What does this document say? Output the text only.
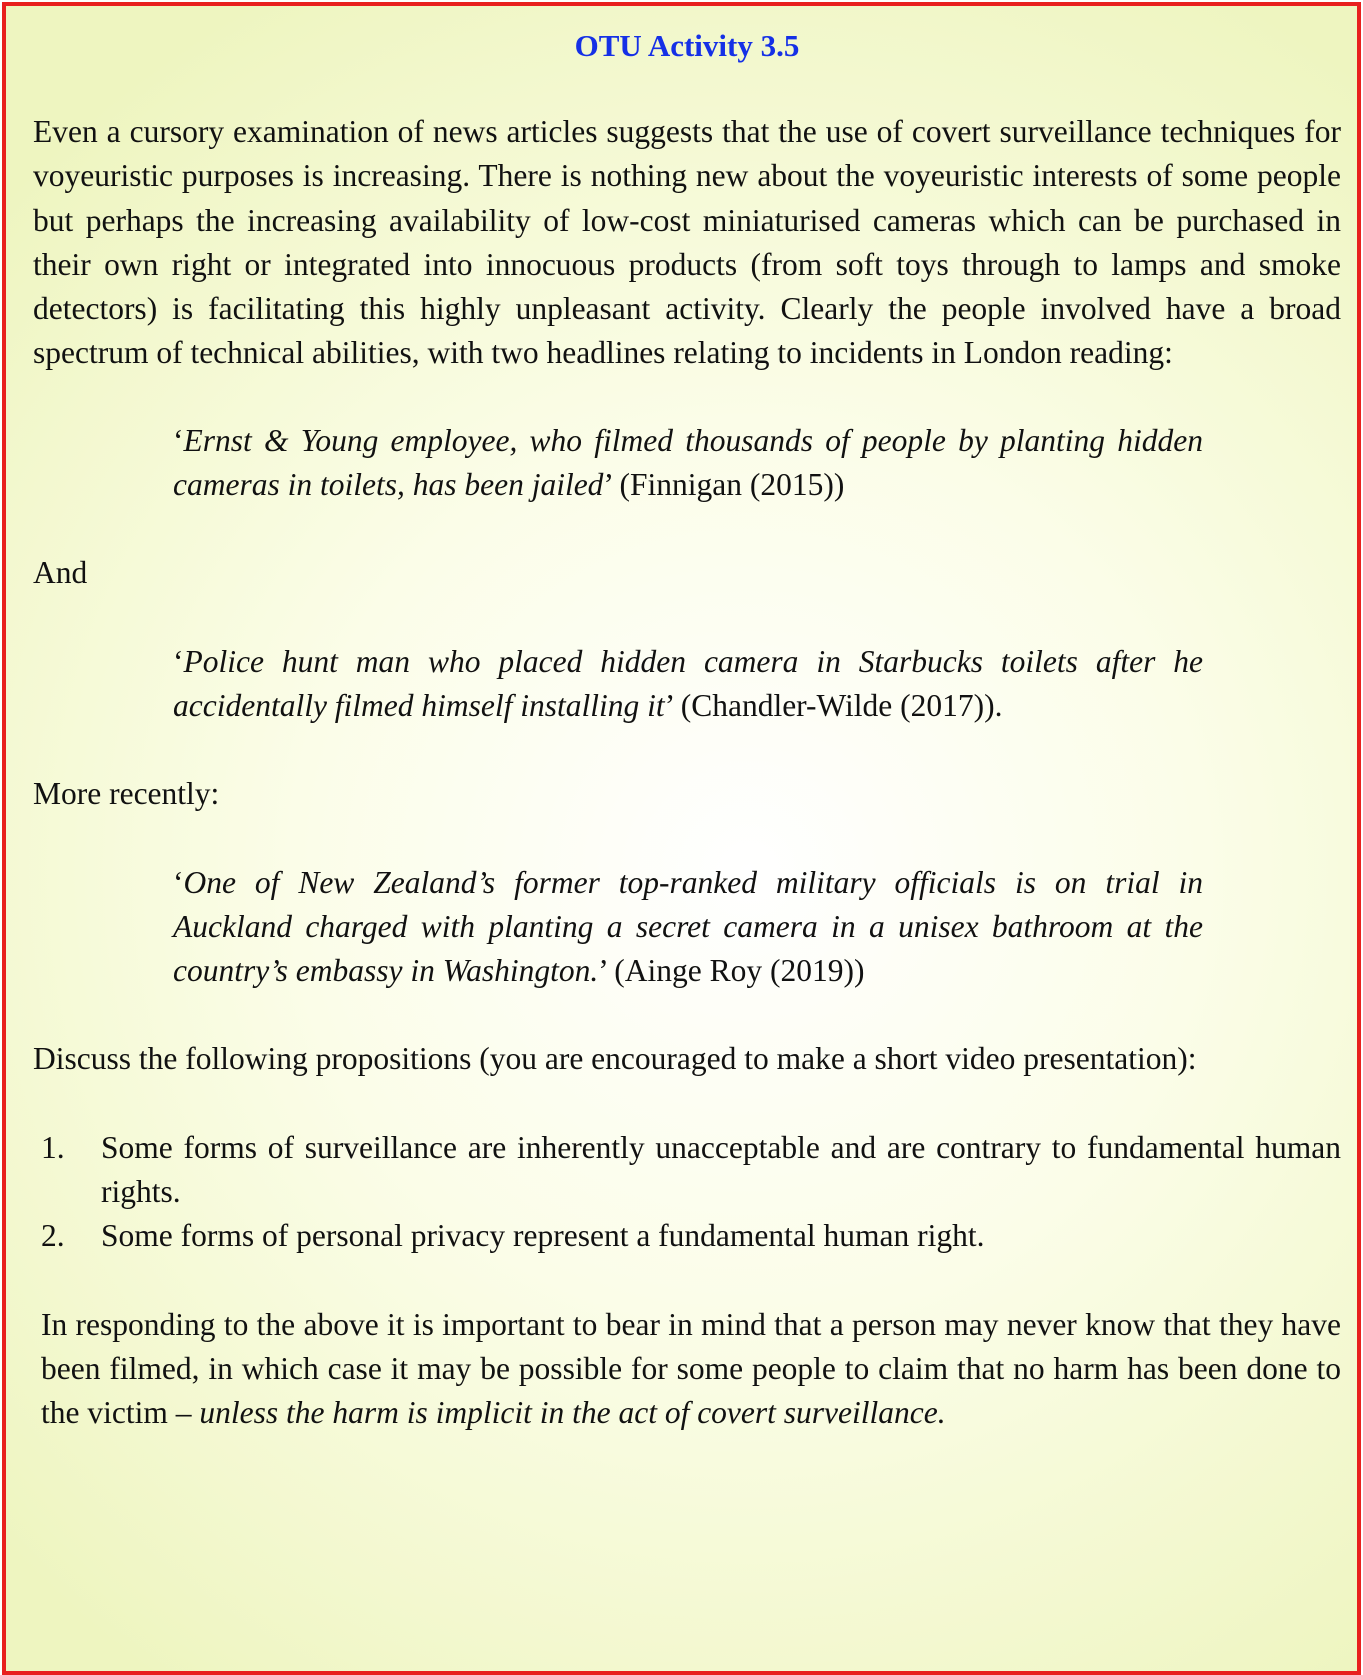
OTU Activity 3.5

Even a cursory examination of news articles suggests that the use of covert surveillance techniques for voyeuristic purposes is increasing. There is nothing new about the voyeuristic interests of some people but perhaps the increasing availability of low-cost miniaturised cameras which can be purchased in their own right or integrated into innocuous products (from soft toys through to lamps and smoke detectors) is facilitating this highly unpleasant activity. Clearly the people involved have a broad spectrum of technical abilities, with two headlines relating to incidents in London reading:

‘Ernst & Young employee, who filmed thousands of people by planting hidden cameras in toilets, has been jailed’ (Finnigan (2015))

And

‘Police hunt man who placed hidden camera in Starbucks toilets after he accidentally filmed himself installing it’ (Chandler-Wilde (2017)).

More recently:

‘One of New Zealand’s former top-ranked military officials is on trial in Auckland charged with planting a secret camera in a unisex bathroom at the country’s embassy in Washington.’ (Ainge Roy (2019))

Discuss the following propositions (you are encouraged to make a short video presentation):

1. Some forms of surveillance are inherently unacceptable and are contrary to fundamental human rights.
2. Some forms of personal privacy represent a fundamental human right.

In responding to the above it is important to bear in mind that a person may never know that they have been filmed, in which case it may be possible for some people to claim that no harm has been done to the victim – unless the harm is implicit in the act of covert surveillance.
